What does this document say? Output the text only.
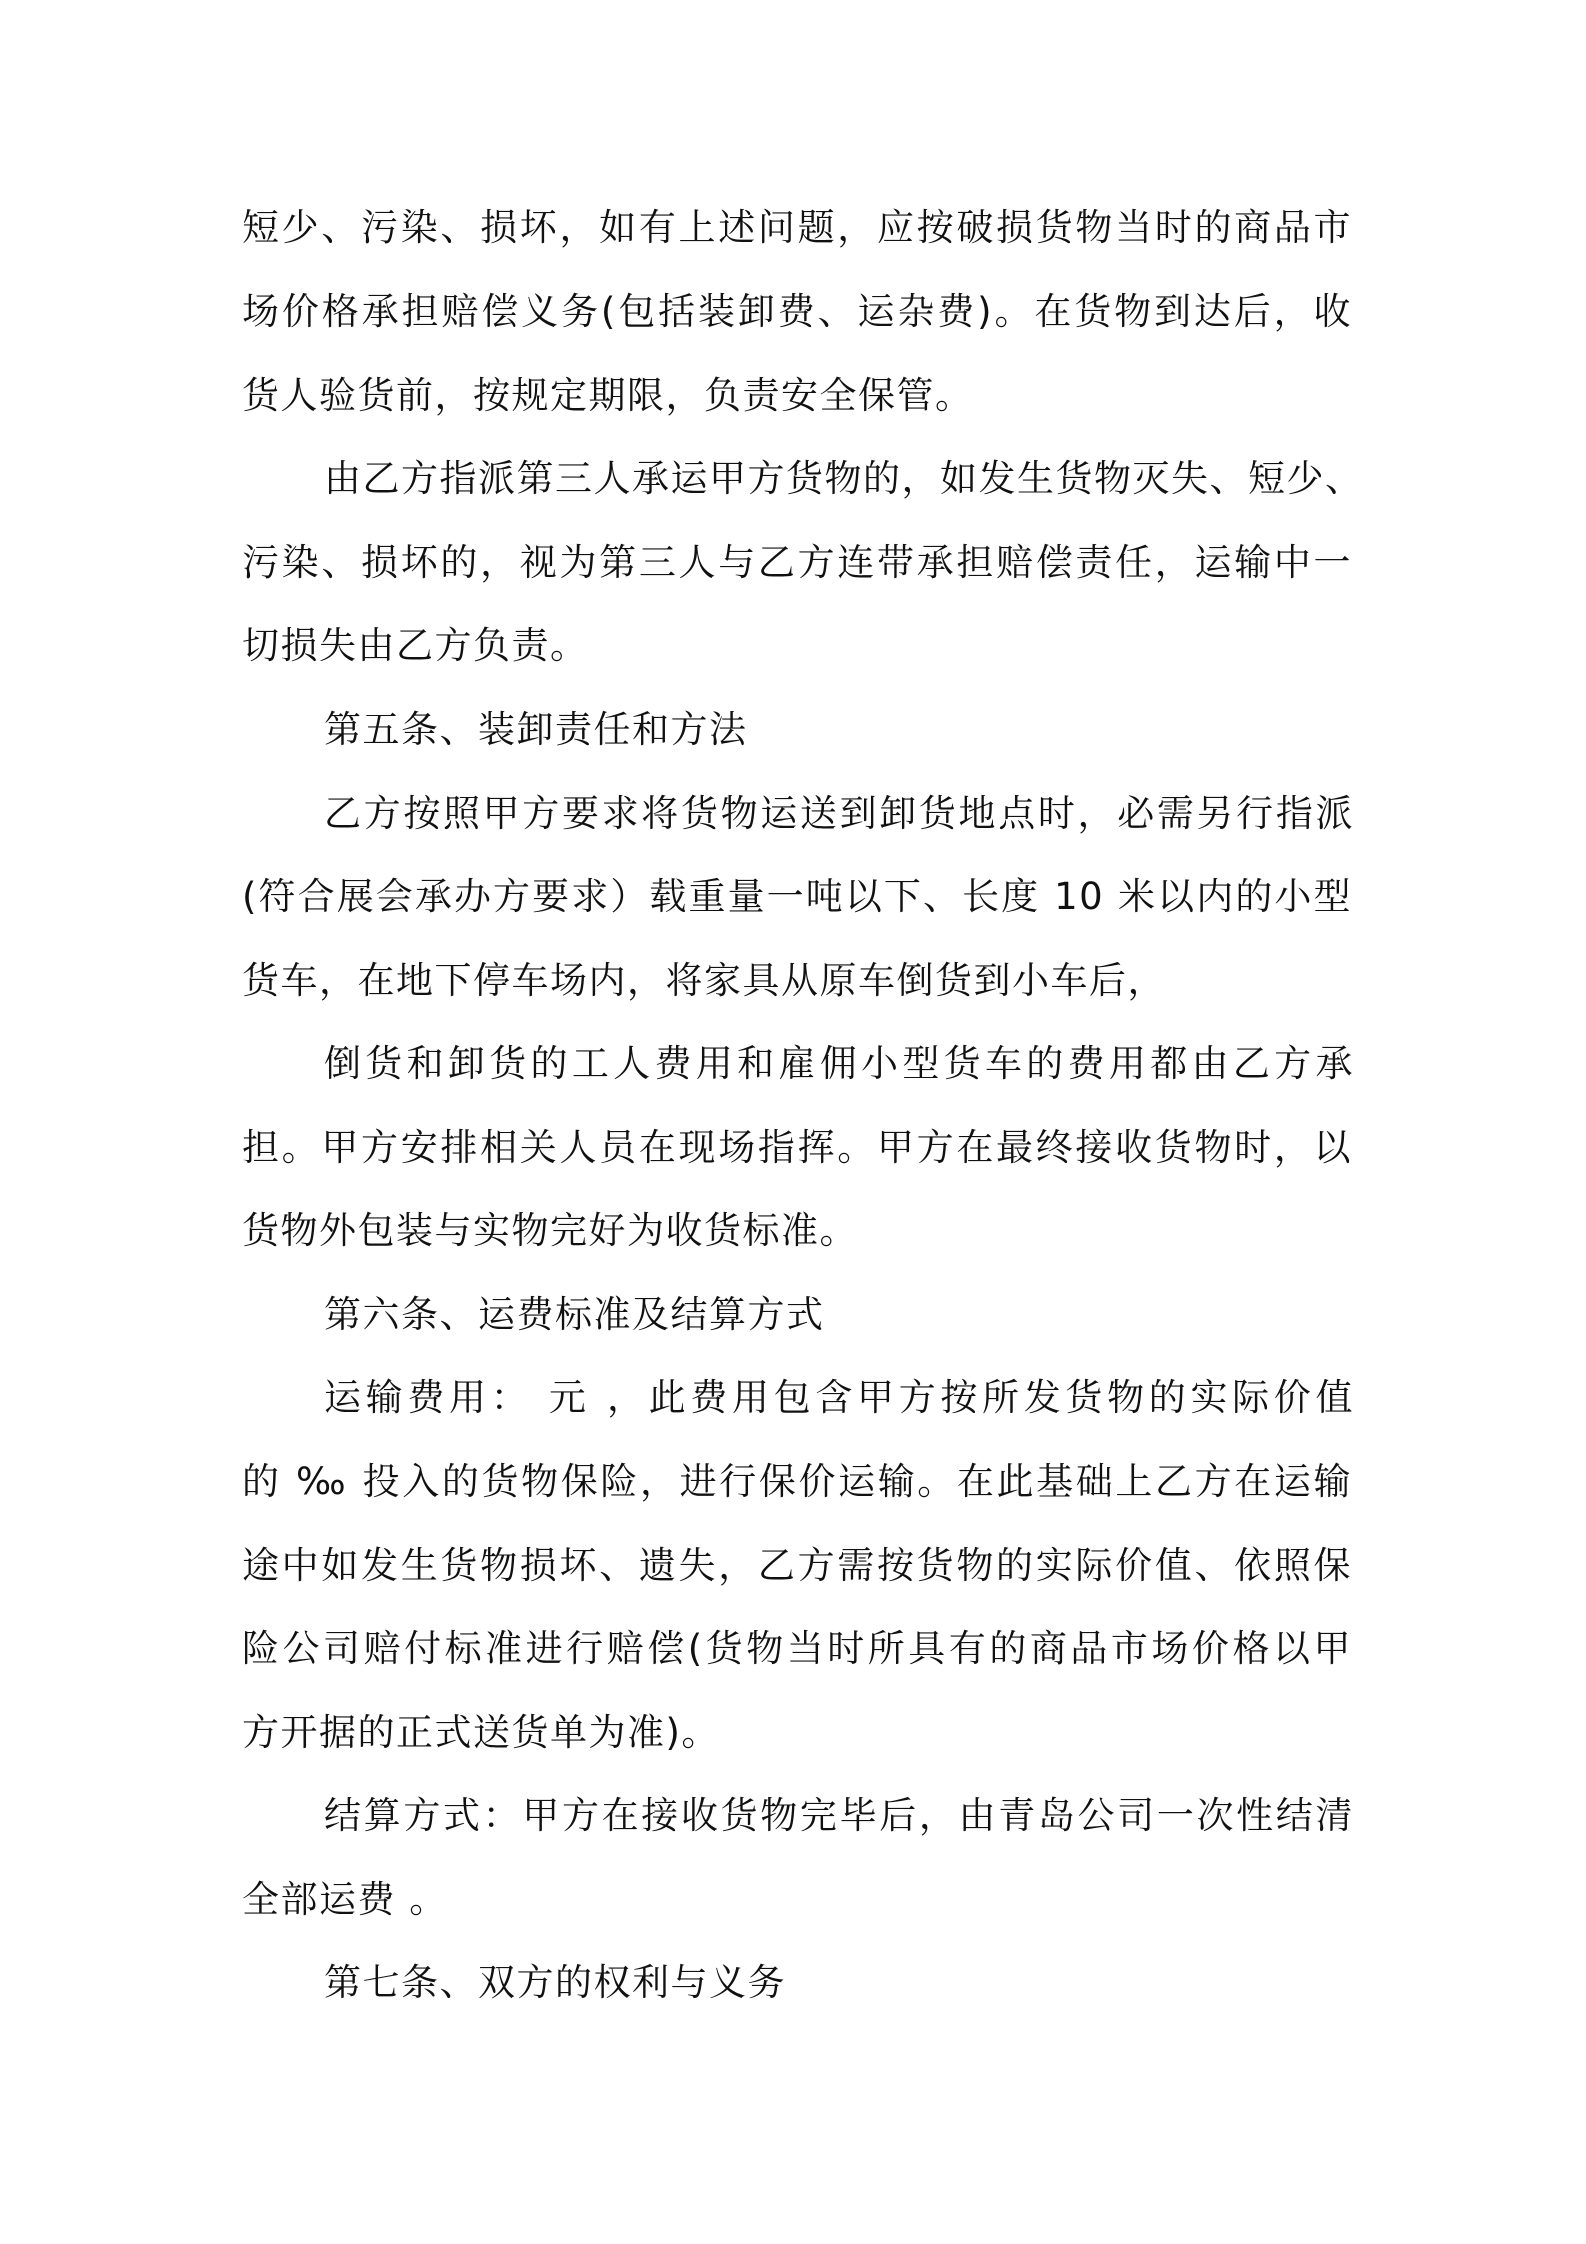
短少、污染、损坏，如有上述问题，应按破损货物当时的商品市
场价格承担赔偿义务(包括装卸费、运杂费)。在货物到达后，收
货人验货前，按规定期限，负责安全保管。
由乙方指派第三人承运甲方货物的，如发生货物灭失、短少、
污染、损坏的，视为第三人与乙方连带承担赔偿责任，运输中一
切损失由乙方负责。
第五条、装卸责任和方法
乙方按照甲方要求将货物运送到卸货地点时，必需另行指派
(符合展会承办方要求）载重量一吨以下、长度 10 米以内的小型
货车，在地下停车场内，将家具从原车倒货到小车后，
倒货和卸货的工人费用和雇佣小型货车的费用都由乙方承
担。甲方安排相关人员在现场指挥。甲方在最终接收货物时，以
货物外包装与实物完好为收货标准。
第六条、运费标准及结算方式
运输费用： 元 ，此费用包含甲方按所发货物的实际价值
的 ‰ 投入的货物保险，进行保价运输。在此基础上乙方在运输
途中如发生货物损坏、遗失，乙方需按货物的实际价值、依照保
险公司赔付标准进行赔偿(货物当时所具有的商品市场价格以甲
方开据的正式送货单为准)。
结算方式：甲方在接收货物完毕后，由青岛公司一次性结清
全部运费 。
第七条、双方的权利与义务
